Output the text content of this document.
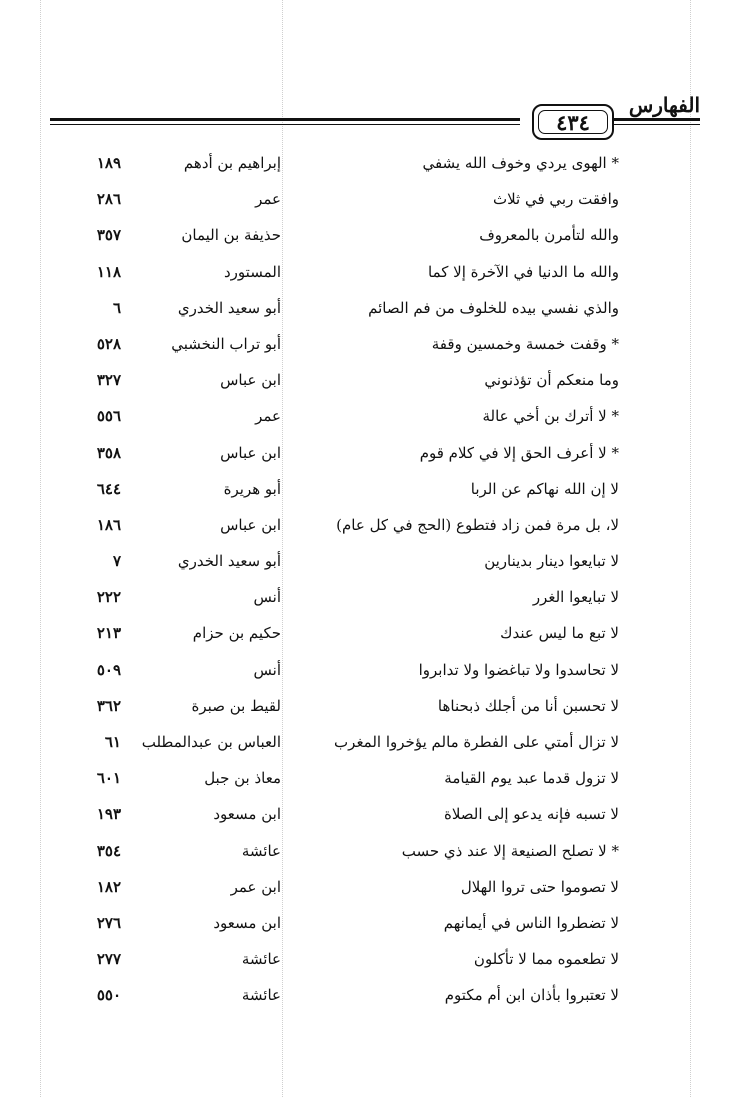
٤٣٤
الفهارس
* الهوى يردي وخوف الله يشفي
إبراهيم بن أدهم
١٨٩
وافقت ربي في ثلاث
عمر
٢٨٦
والله لتأمرن بالمعروف
حذيفة بن اليمان
٣٥٧
والله ما الدنيا في الآخرة إلا كما
المستورد
١١٨
والذي نفسي بيده للخلوف من فم الصائم
أبو سعيد الخدري
٦
* وقفت خمسة وخمسين وقفة
أبو تراب النخشبي
٥٢٨
وما منعكم أن تؤذنوني
ابن عباس
٣٢٧
* لا أترك بن أخي عالة
عمر
٥٥٦
* لا أعرف الحق إلا في كلام قوم
ابن عباس
٣٥٨
لا إن الله نهاكم عن الربا
أبو هريرة
٦٤٤
لا، بل مرة فمن زاد فتطوع (الحج في كل عام)
ابن عباس
١٨٦
لا تبايعوا دينار بدينارين
أبو سعيد الخدري
٧
لا تبايعوا الغرر
أنس
٢٢٢
لا تبع ما ليس عندك
حكيم بن حزام
٢١٣
لا تحاسدوا ولا تباغضوا ولا تدابروا
أنس
٥٠٩
لا تحسبن أنا من أجلك ذبحناها
لقيط بن صبرة
٣٦٢
لا تزال أمتي على الفطرة مالم يؤخروا المغرب
العباس بن عبدالمطلب
٦١
لا تزول قدما عبد يوم القيامة
معاذ بن جبل
٦٠١
لا تسبه فإنه يدعو إلى الصلاة
ابن مسعود
١٩٣
* لا تصلح الصنيعة إلا عند ذي حسب
عائشة
٣٥٤
لا تصوموا حتى تروا الهلال
ابن عمر
١٨٢
لا تضطروا الناس في أيمانهم
ابن مسعود
٢٧٦
لا تطعموه مما لا تأكلون
عائشة
٢٧٧
لا تعتبروا بأذان ابن أم مكتوم
عائشة
٥٥٠
